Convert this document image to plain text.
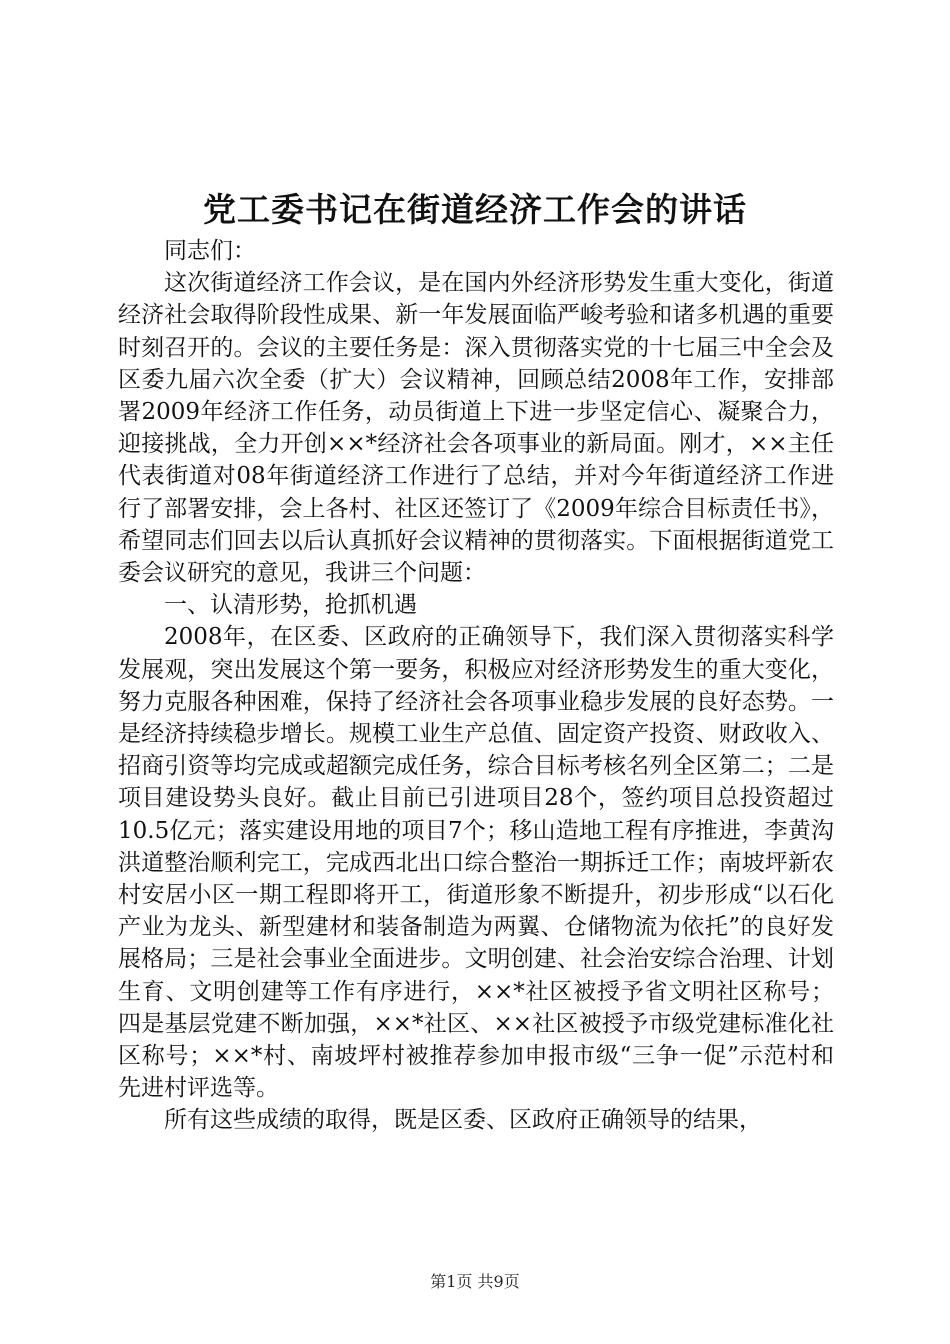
党工委书记在街道经济工作会的讲话

同志们：

这次街道经济工作会议，是在国内外经济形势发生重大变化，街道经济社会取得阶段性成果、新一年发展面临严峻考验和诸多机遇的重要时刻召开的。会议的主要任务是：深入贯彻落实党的十七届三中全会及区委九届六次全委（扩大）会议精神，回顾总结2008年工作，安排部署2009年经济工作任务，动员街道上下进一步坚定信心、凝聚合力，迎接挑战，全力开创××*经济社会各项事业的新局面。刚才，××主任代表街道对08年街道经济工作进行了总结，并对今年街道经济工作进行了部署安排，会上各村、社区还签订了《2009年综合目标责任书》，希望同志们回去以后认真抓好会议精神的贯彻落实。下面根据街道党工委会议研究的意见，我讲三个问题：

一、认清形势，抢抓机遇

2008年，在区委、区政府的正确领导下，我们深入贯彻落实科学发展观，突出发展这个第一要务，积极应对经济形势发生的重大变化，努力克服各种困难，保持了经济社会各项事业稳步发展的良好态势。一是经济持续稳步增长。规模工业生产总值、固定资产投资、财政收入、招商引资等均完成或超额完成任务，综合目标考核名列全区第二；二是项目建设势头良好。截止目前已引进项目28个，签约项目总投资超过10.5亿元；落实建设用地的项目7个；移山造地工程有序推进，李黄沟洪道整治顺利完工，完成西北出口综合整治一期拆迁工作；南坡坪新农村安居小区一期工程即将开工，街道形象不断提升，初步形成“以石化产业为龙头、新型建材和装备制造为两翼、仓储物流为依托”的良好发展格局；三是社会事业全面进步。文明创建、社会治安综合治理、计划生育、文明创建等工作有序进行，××*社区被授予省文明社区称号；四是基层党建不断加强，××*社区、××社区被授予市级党建标准化社区称号；××*村、南坡坪村被推荐参加申报市级“三争一促”示范村和先进村评选等。

所有这些成绩的取得，既是区委、区政府正确领导的结果，

第1页 共9页
